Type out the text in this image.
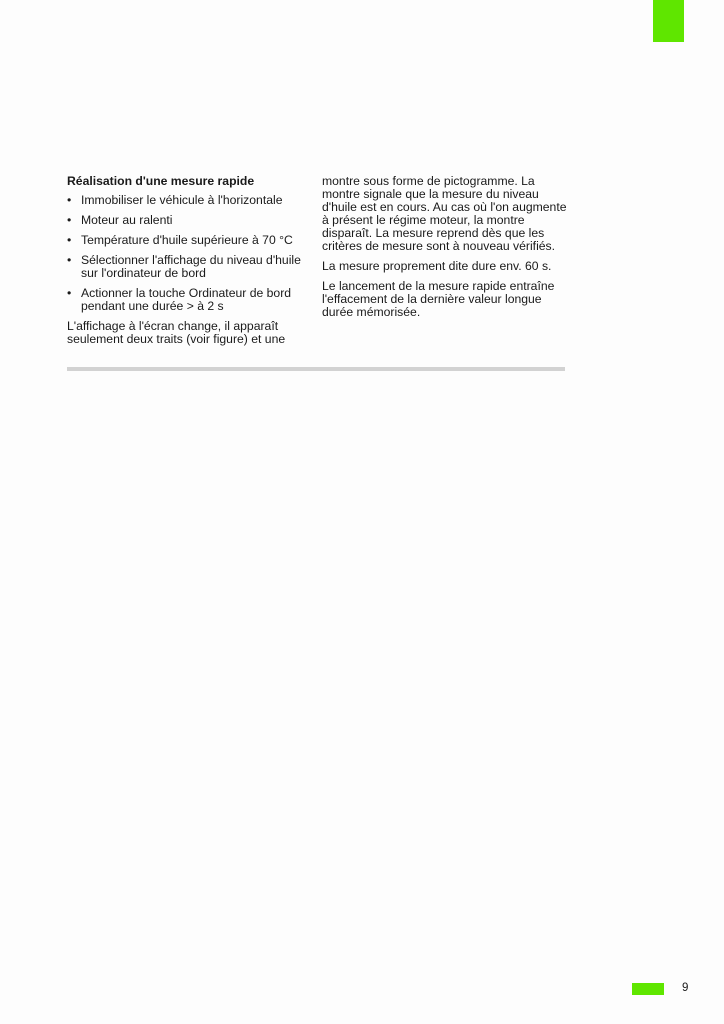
Réalisation d'une mesure rapide
• Immobiliser le véhicule à l'horizontale
• Moteur au ralenti
• Température d'huile supérieure à 70 °C
• Sélectionner l'affichage du niveau d'huile sur l'ordinateur de bord
• Actionner la touche Ordinateur de bord pendant une durée > à 2 s

L'affichage à l'écran change, il apparaît seulement deux traits (voir figure) et une

montre sous forme de pictogramme. La montre signale que la mesure du niveau d'huile est en cours. Au cas où l'on augmente à présent le régime moteur, la montre disparaît. La mesure reprend dès que les critères de mesure sont à nouveau vérifiés.

La mesure proprement dite dure env. 60 s.

Le lancement de la mesure rapide entraîne l'effacement de la dernière valeur longue durée mémorisée.

9
